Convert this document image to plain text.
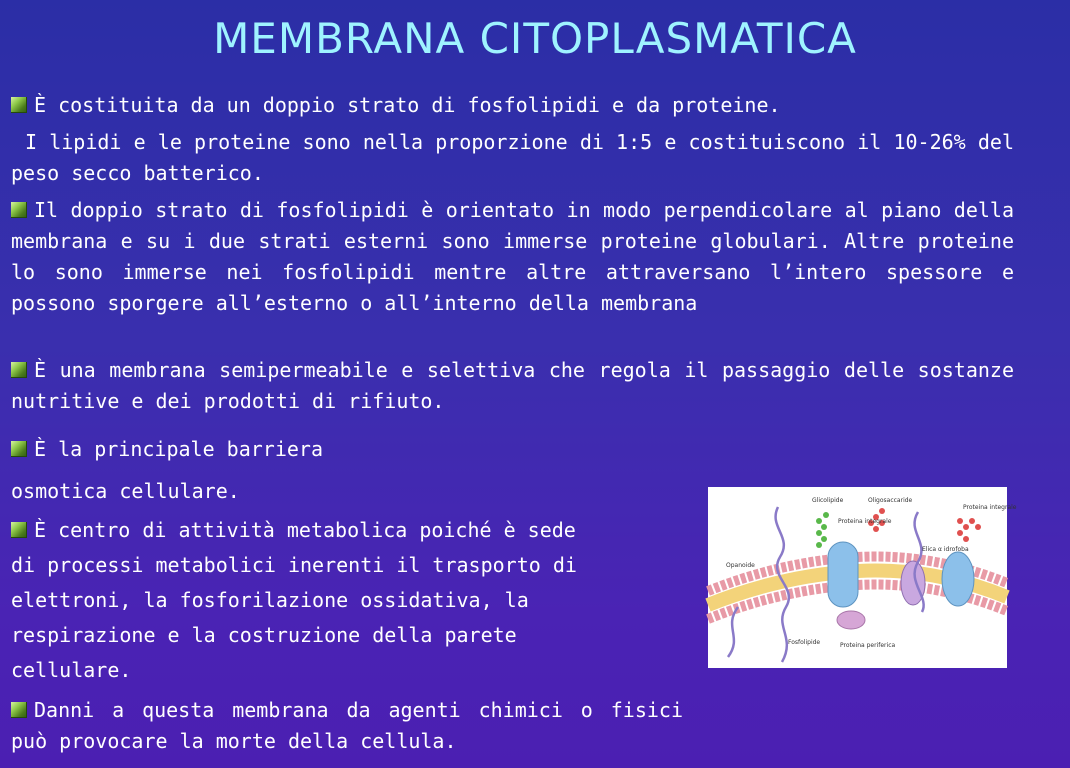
MEMBRANA CITOPLASMATICA

È costituita da un doppio strato di fosfolipidi e da proteine.

I lipidi e le proteine sono nella proporzione di 1:5 e costituiscono il 10-26% del peso secco batterico.

Il doppio strato di fosfolipidi è orientato in modo perpendicolare al piano della membrana e su i due strati esterni sono immerse proteine globulari. Altre proteine lo sono immerse nei fosfolipidi mentre altre attraversano l’intero spessore e possono sporgere all’esterno o all’interno della membrana

È una membrana semipermeabile e selettiva che regola il passaggio delle sostanze nutritive e dei prodotti di rifiuto.

È la principale barriera

osmotica cellulare.

È centro di attività metabolica poiché è sede
di processi metabolici inerenti il trasporto di
elettroni, la fosforilazione ossidativa, la
respirazione e la costruzione della parete
cellulare.

Danni a questa membrana da agenti chimici o fisici può provocare la morte della cellula.

Glicolipide	Oligosaccaride
Proteina integrale
Proteina integrale
Elica α idrofoba
Opanoide
Fosfolipide	Proteina periferica
